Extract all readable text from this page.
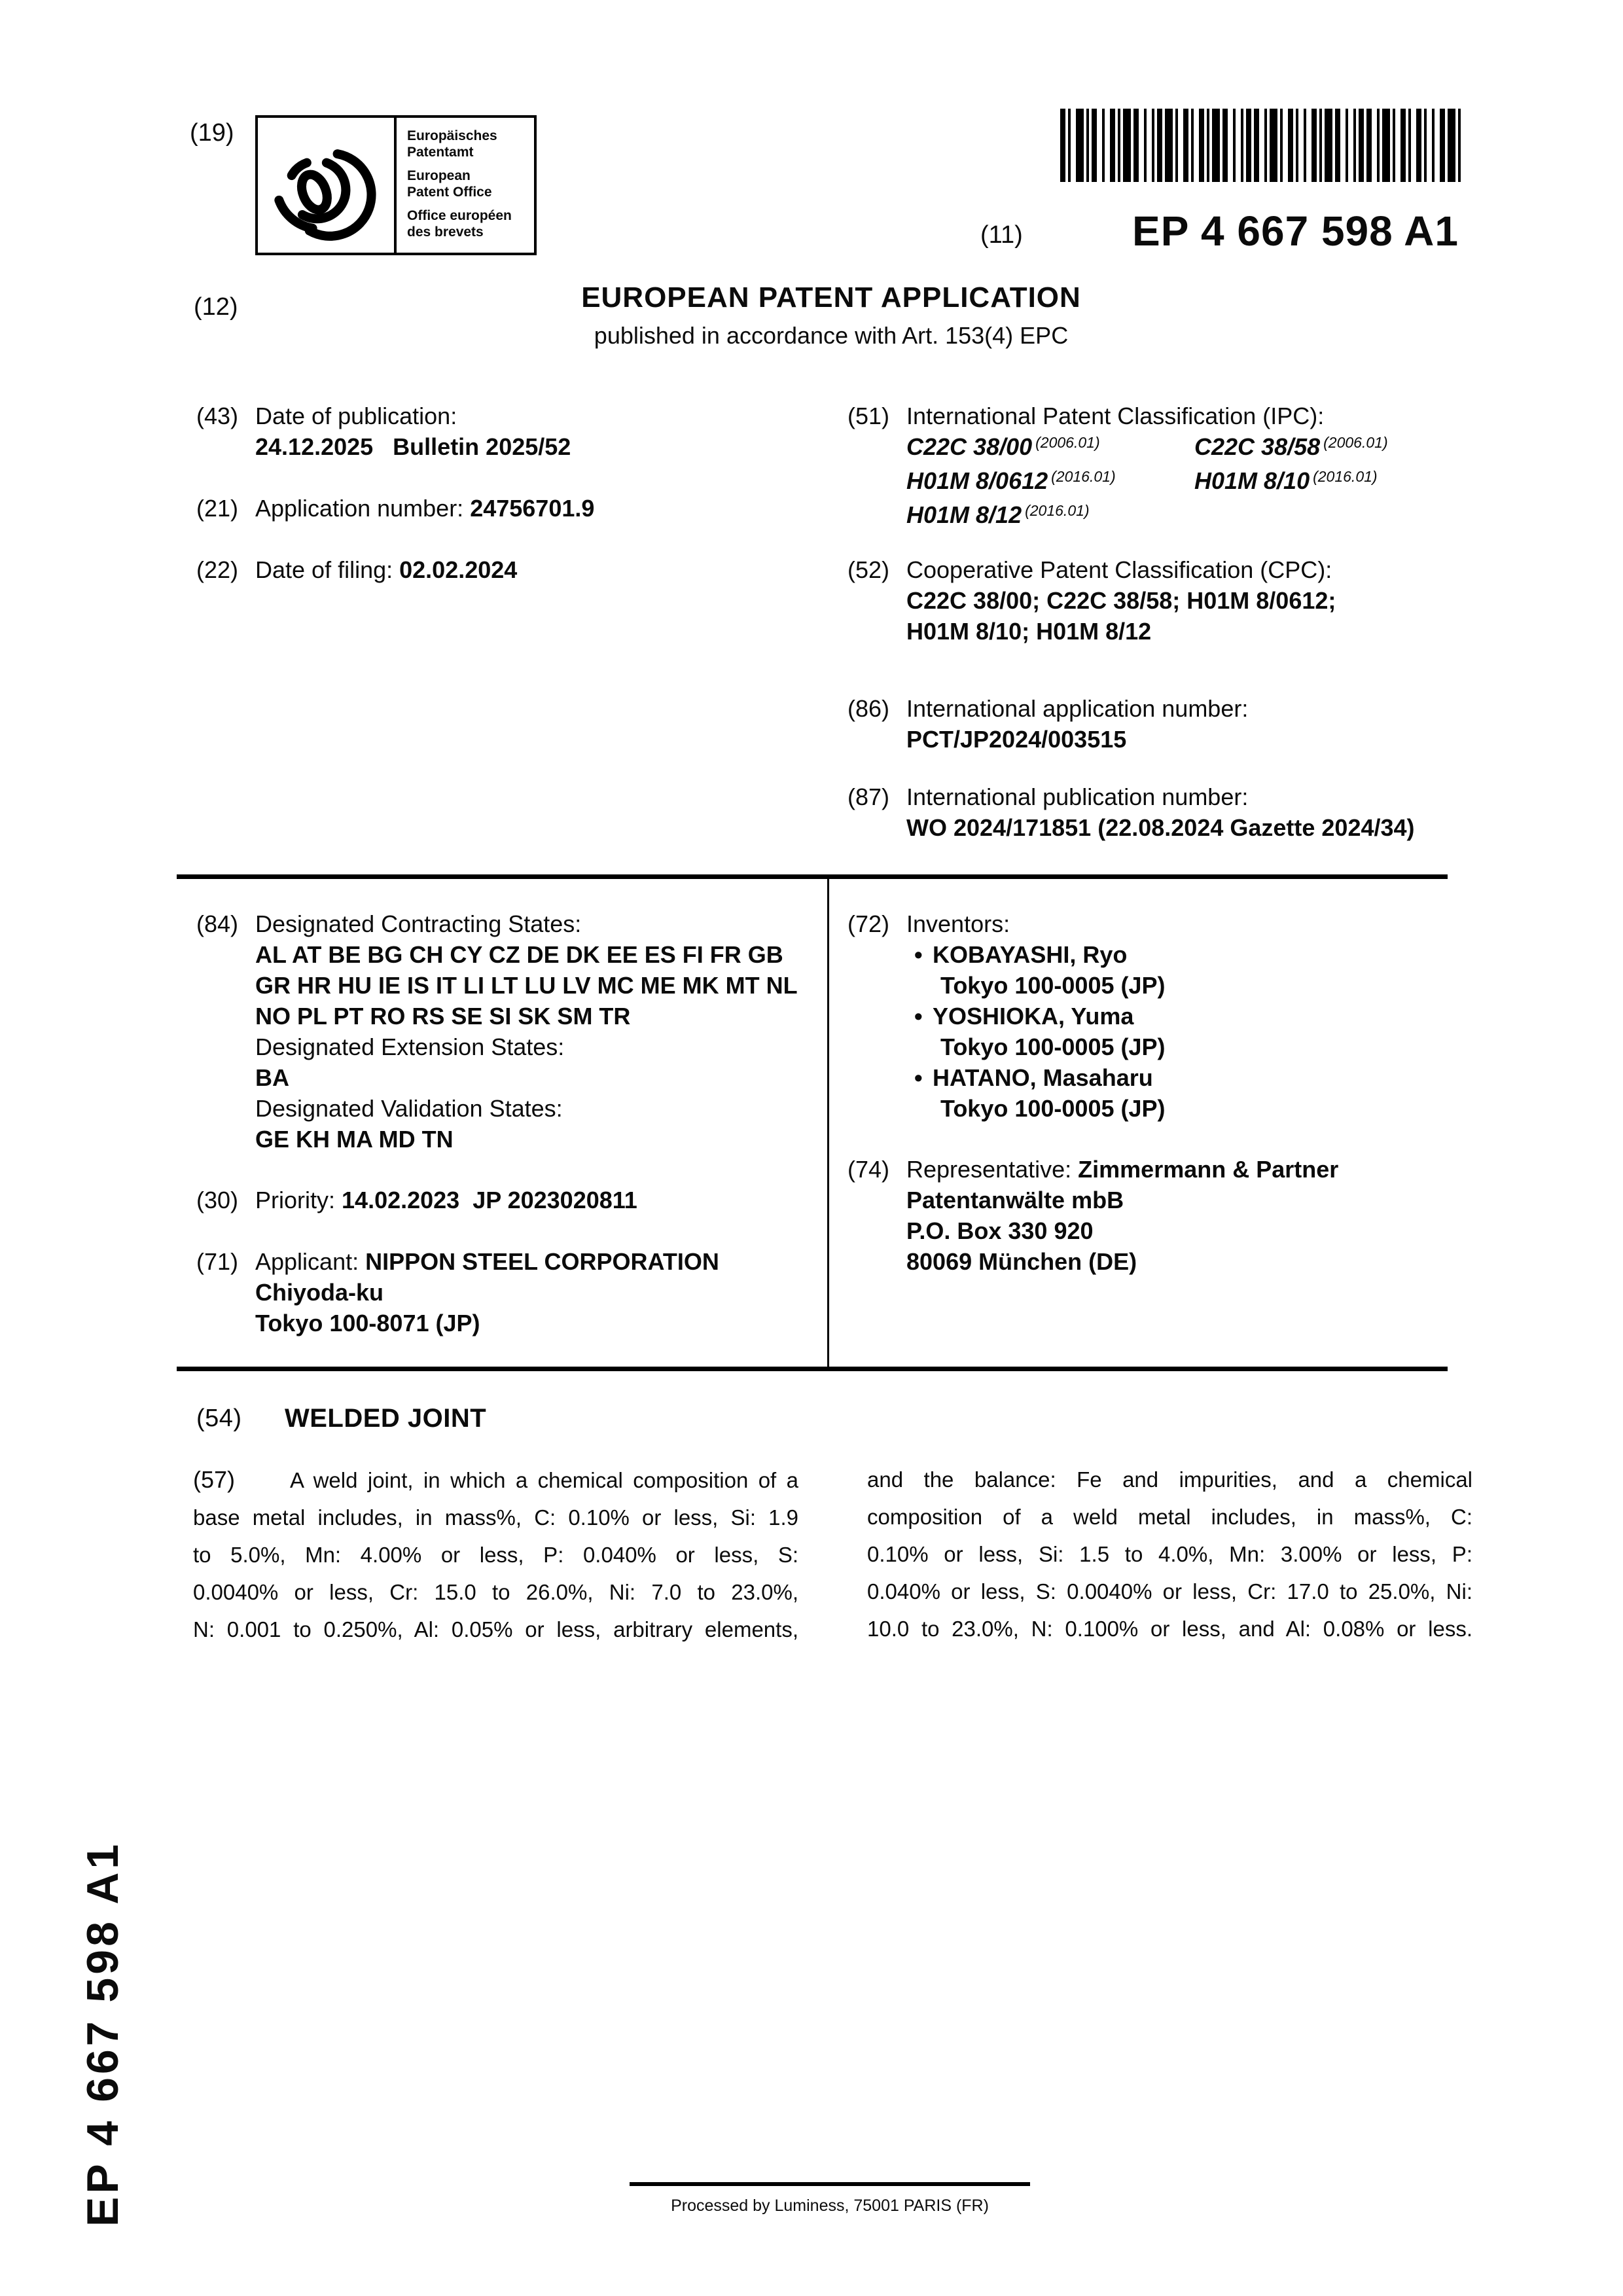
(19)	Europäisches
Patentamt
European
Patent Office
Office européen
des brevets	(11)	EP 4 667 598 A1
(12)	EUROPEAN PATENT APPLICATION
published in accordance with Art. 153(4) EPC
(43) Date of publication:
24.12.2025   Bulletin 2025/52
(21) Application number: 24756701.9
(22) Date of filing: 02.02.2024
(51) International Patent Classification (IPC):
C22C 38/00 $^{(2006.01)}$	C22C 38/58 $^{(2006.01)}$
H01M 8/0612 $^{(2016.01)}$	H01M 8/10 $^{(2016.01)}$
H01M 8/12 $^{(2016.01)}$
(52) Cooperative Patent Classification (CPC):
C22C 38/00; C22C 38/58; H01M 8/0612;
H01M 8/10; H01M 8/12
(86) International application number:
PCT/JP2024/003515
(87) International publication number:
WO 2024/171851 (22.08.2024 Gazette 2024/34)
(84) Designated Contracting States:
AL AT BE BG CH CY CZ DE DK EE ES FI FR GB
GR HR HU IE IS IT LI LT LU LV MC ME MK MT NL
NO PL PT RO RS SE SI SK SM TR
Designated Extension States:
BA
Designated Validation States:
GE KH MA MD TN
(30) Priority: 14.02.2023  JP 2023020811
(71) Applicant: NIPPON STEEL CORPORATION
Chiyoda-ku
Tokyo 100-8071 (JP)
(72) Inventors:
• KOBAYASHI, Ryo
Tokyo 100-0005 (JP)
• YOSHIOKA, Yuma
Tokyo 100-0005 (JP)
• HATANO, Masaharu
Tokyo 100-0005 (JP)
(74) Representative: Zimmermann & Partner
Patentanwälte mbB
P.O. Box 330 920
80069 München (DE)
(54) WELDED JOINT
(57)	A weld joint, in which a chemical composition of a
base metal includes, in mass%, C: 0.10% or less, Si: 1.9
to 5.0%, Mn: 4.00% or less, P: 0.040% or less, S:
0.0040% or less, Cr: 15.0 to 26.0%, Ni: 7.0 to 23.0%,
N: 0.001 to 0.250%, Al: 0.05% or less, arbitrary elements,
and the balance: Fe and impurities, and a chemical
composition of a weld metal includes, in mass%, C:
0.10% or less, Si: 1.5 to 4.0%, Mn: 3.00% or less, P:
0.040% or less, S: 0.0040% or less, Cr: 17.0 to 25.0%, Ni:
10.0 to 23.0%, N: 0.100% or less, and Al: 0.08% or less.
EP 4 667 598 A1	Processed by Luminess, 75001 PARIS (FR)
